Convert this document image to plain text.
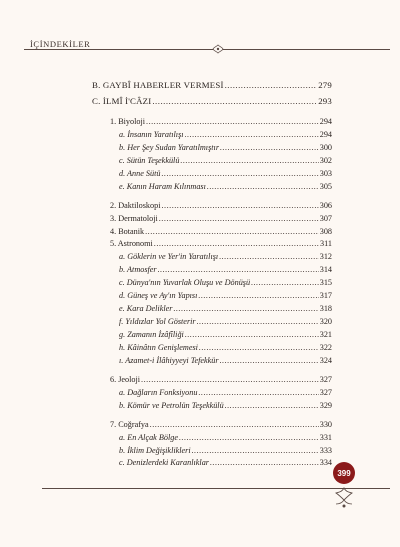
İÇİNDEKİLER
B. GAYBÎ HABERLER VERMESİ .....	279
C. İLMÎ İ'CÂZI .....	293
1. Biyoloji .....	294
a. İnsanın Yaratılışı .....	294
b. Her Şey Sudan Yaratılmıştır .....	300
c. Sütün Teşekkülü .....	302
d. Anne Sütü .....	303
e. Kanın Haram Kılınması .....	305
2. Daktiloskopi .....	306
3. Dermatoloji .....	307
4. Botanik .....	308
5. Astronomi .....	311
a. Göklerin ve Yer'in Yaratılışı .....	312
b. Atmosfer .....	314
c. Dünya'nın Yuvarlak Oluşu ve Dönüşü .....	315
d. Güneş ve Ay'ın Yapısı .....	317
e. Kara Delikler .....	318
f. Yıldızlar Yol Gösterir .....	320
g. Zamanın İzâfîliği .....	321
h. Kâinâtın Genişlemesi .....	322
ı. Azamet-i İlâhiyyeyi Tefekkür .....	324
6. Jeoloji .....	327
a. Dağların Fonksiyonu .....	327
b. Kömür ve Petrolün Teşekkülü .....	329
7. Coğrafya .....	330
a. En Alçak Bölge .....	331
b. İklim Değişiklikleri .....	333
c. Denizlerdeki Karanlıklar .....	334
399
